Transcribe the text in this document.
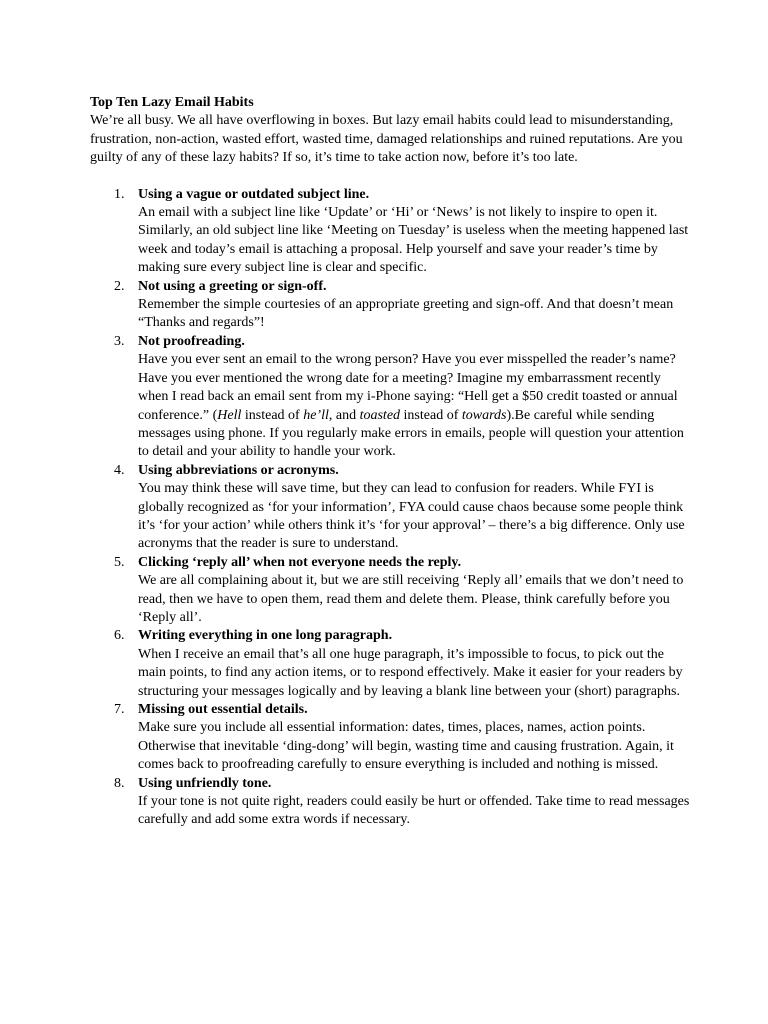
Top Ten Lazy Email Habits

We’re all busy. We all have overflowing in boxes. But lazy email habits could lead to misunderstanding, frustration, non-action, wasted effort, wasted time, damaged relationships and ruined reputations. Are you guilty of any of these lazy habits? If so, it’s time to take action now, before it’s too late.

1. Using a vague or outdated subject line.

An email with a subject line like ‘Update’ or ‘Hi’ or ‘News’ is not likely to inspire to open it. Similarly, an old subject line like ‘Meeting on Tuesday’ is useless when the meeting happened last week and today’s email is attaching a proposal. Help yourself and save your reader’s time by making sure every subject line is clear and specific.

2. Not using a greeting or sign-off.

Remember the simple courtesies of an appropriate greeting and sign-off. And that doesn’t mean “Thanks and regards”!

3. Not proofreading.

Have you ever sent an email to the wrong person? Have you ever misspelled the reader’s name? Have you ever mentioned the wrong date for a meeting? Imagine my embarrassment recently when I read back an email sent from my i-Phone saying: “Hell get a $50 credit toasted or annual conference.” (Hell instead of he’ll, and toasted instead of towards).Be careful while sending messages using phone. If you regularly make errors in emails, people will question your attention to detail and your ability to handle your work.

4. Using abbreviations or acronyms.

You may think these will save time, but they can lead to confusion for readers. While FYI is globally recognized as ‘for your information’, FYA could cause chaos because some people think it’s ‘for your action’ while others think it’s ‘for your approval’ – there’s a big difference. Only use acronyms that the reader is sure to understand.

5. Clicking ‘reply all’ when not everyone needs the reply.

We are all complaining about it, but we are still receiving ‘Reply all’ emails that we don’t need to read, then we have to open them, read them and delete them. Please, think carefully before you ‘Reply all’.

6. Writing everything in one long paragraph.

When I receive an email that’s all one huge paragraph, it’s impossible to focus, to pick out the main points, to find any action items, or to respond effectively. Make it easier for your readers by structuring your messages logically and by leaving a blank line between your (short) paragraphs.

7. Missing out essential details.

Make sure you include all essential information: dates, times, places, names, action points. Otherwise that inevitable ‘ding-dong’ will begin, wasting time and causing frustration. Again, it comes back to proofreading carefully to ensure everything is included and nothing is missed.

8. Using unfriendly tone.

If your tone is not quite right, readers could easily be hurt or offended. Take time to read messages carefully and add some extra words if necessary.
